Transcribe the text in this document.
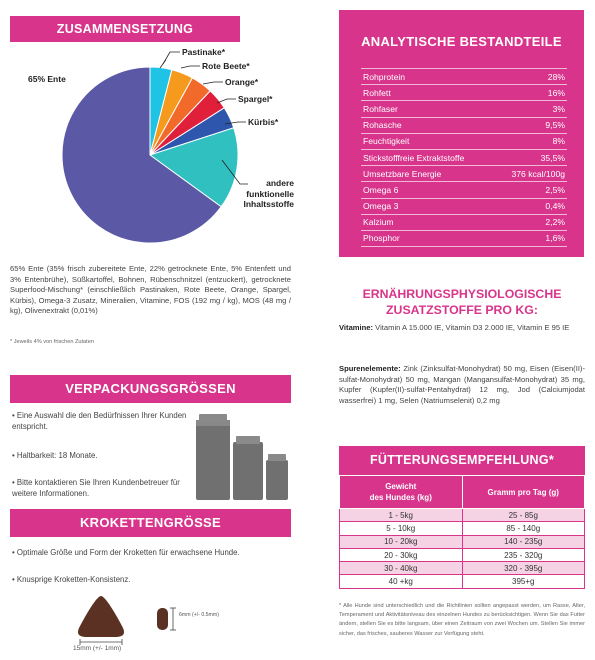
ZUSAMMENSETZUNG
65% Ente
Pastinake*
Rote Beete*
Orange*
Spargel*
Kürbis*
andere
funktionelle
Inhaltsstoffe
65% Ente (35% frisch zubereitete Ente, 22% getrocknete Ente, 5% Entenfett und 3% Entenbrühe), Süßkartoffel, Bohnen, Rübenschnitzel (entzuckert), getrocknete Superfood-Mischung* (einschließlich Pastinaken, Rote Beete, Orange, Spargel, Kürbis), Omega-3 Zusatz, Mineralien, Vitamine, FOS (192 mg / kg), MOS (48 mg / kg), Olivenextrakt (0,01%)
* Jeweils 4% von frischen Zutaten
VERPACKUNGSGRÖSSEN
• Eine Auswahl die den Bedürfnissen Ihrer Kunden entspricht.
• Haltbarkeit: 18 Monate.
• Bitte kontaktieren Sie Ihren Kundenbetreuer für weitere Informationen.
KROKETTENGRÖSSE
• Optimale Größe und Form der Kroketten für erwachsene Hunde.
• Knusprige Kroketten-Konsistenz.
15mm (+/- 1mm)
6mm (+/- 0.5mm)
ANALYTISCHE BESTANDTEILE
Rohprotein	28%
Rohfett	16%
Rohfaser	3%
Rohasche	9,5%
Feuchtigkeit	8%
Stickstofffreie Extraktstoffe	35,5%
Umsetzbare Energie	376 kcal/100g
Omega 6	2,5%
Omega 3	0,4%
Kalzium	2,2%
Phosphor	1,6%
ERNÄHRUNGSPHYSIOLOGISCHE
ZUSATZSTOFFE PRO KG:
Vitamine: Vitamin A 15.000 IE, Vitamin D3 2.000 IE, Vitamin E 95 IE
Spurenelemente: Zink (Zinksulfat-Monohydrat) 50 mg, Eisen (Eisen(II)-sulfat-Monohydrat) 50 mg, Mangan (Mangansulfat-Monohydrat) 35 mg, Kupfer (Kupfer(II)-sulfat-Pentahydrat) 12 mg, Jod (Calciumjodat wasserfrei) 1 mg, Selen (Natriumselenit) 0,2 mg
FÜTTERUNGSEMPFEHLUNG*
Gewicht
des Hundes (kg)	Gramm pro Tag (g)
1 - 5kg	25 - 85g
5 - 10kg	85 - 140g
10 - 20kg	140 - 235g
20 - 30kg	235 - 320g
30 - 40kg	320 - 395g
40 +kg	395+g
* Alle Hunde sind unterschiedlich und die Richtlinien sollten angepasst werden, um Rasse, Alter, Temperament und Aktivitätsniveau des einzelnen Hundes zu berücksichtigen. Wenn Sie das Futter ändern, stellen Sie es bitte langsam, über einen Zeitraum von zwei Wochen um. Stellen Sie immer sicher, das frisches, sauberes Wasser zur Verfügung steht.
